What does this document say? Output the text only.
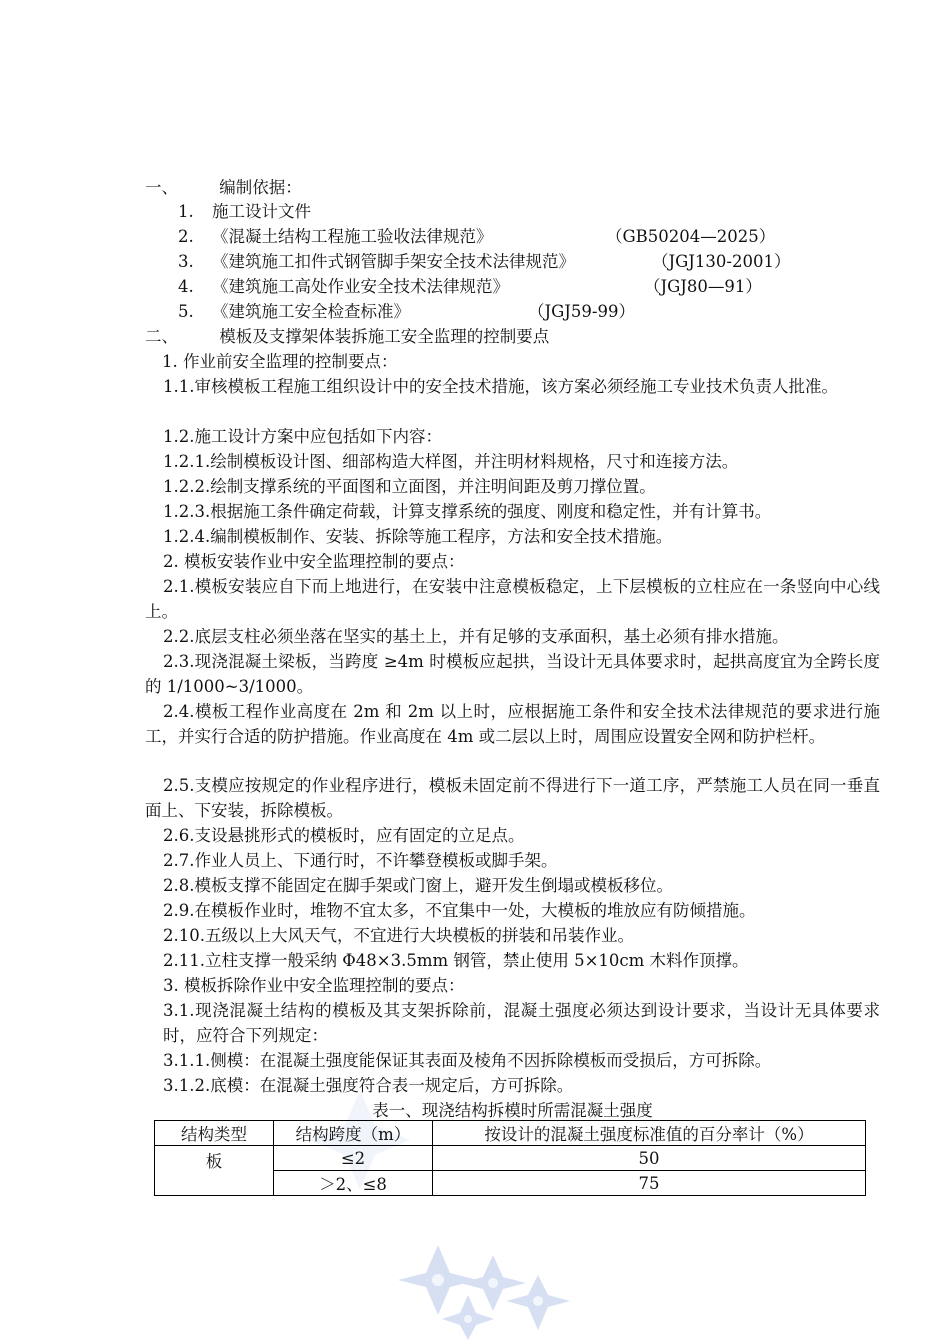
一、	编制依据：
1. 施工设计文件
2. 《混凝土结构工程施工验收法律规范》	（GB50204—2025）
3. 《建筑施工扣件式钢管脚手架安全技术法律规范》	（JGJ130-2001）
4. 《建筑施工高处作业安全技术法律规范》	（JGJ80—91）
5. 《建筑施工安全检查标准》	（JGJ59-99）
二、	模板及支撑架体装拆施工安全监理的控制要点
1. 作业前安全监理的控制要点：
1.1.审核模板工程施工组织设计中的安全技术措施，该方案必须经施工专业技术负责人批准。
1.2.施工设计方案中应包括如下内容：
1.2.1.绘制模板设计图、细部构造大样图，并注明材料规格，尺寸和连接方法。
1.2.2.绘制支撑系统的平面图和立面图，并注明间距及剪刀撑位置。
1.2.3.根据施工条件确定荷载，计算支撑系统的强度、刚度和稳定性，并有计算书。
1.2.4.编制模板制作、安装、拆除等施工程序，方法和安全技术措施。
2. 模板安装作业中安全监理控制的要点：
2.1.模板安装应自下而上地进行，在安装中注意模板稳定，上下层模板的立柱应在一条竖向中心线上。
2.2.底层支柱必须坐落在坚实的基土上，并有足够的支承面积，基土必须有排水措施。
2.3.现浇混凝土梁板，当跨度 ≥4m 时模板应起拱，当设计无具体要求时，起拱高度宜为全跨长度的 1/1000~3/1000。
2.4.模板工程作业高度在 2m 和 2m 以上时，应根据施工条件和安全技术法律规范的要求进行施工，并实行合适的防护措施。作业高度在 4m 或二层以上时，周围应设置安全网和防护栏杆。
2.5.支模应按规定的作业程序进行，模板未固定前不得进行下一道工序，严禁施工人员在同一垂直面上、下安装，拆除模板。
2.6.支设悬挑形式的模板时，应有固定的立足点。
2.7.作业人员上、下通行时，不许攀登模板或脚手架。
2.8.模板支撑不能固定在脚手架或门窗上，避开发生倒塌或模板移位。
2.9.在模板作业时，堆物不宜太多，不宜集中一处，大模板的堆放应有防倾措施。
2.10.五级以上大风天气，不宜进行大块模板的拼装和吊装作业。
2.11.立柱支撑一般采纳 Φ48×3.5mm 钢管，禁止使用 5×10cm 木料作顶撑。
3. 模板拆除作业中安全监理控制的要点：
3.1.现浇混凝土结构的模板及其支架拆除前，混凝土强度必须达到设计要求，当设计无具体要求时，应符合下列规定：
3.1.1.侧模：在混凝土强度能保证其表面及棱角不因拆除模板而受损后，方可拆除。
3.1.2.底模：在混凝土强度符合表一规定后，方可拆除。
表一、现浇结构拆模时所需混凝土强度
结构类型	结构跨度（m）	按设计的混凝土强度标准值的百分率计（%）
板	≤2	50
	＞2、≤8	75
